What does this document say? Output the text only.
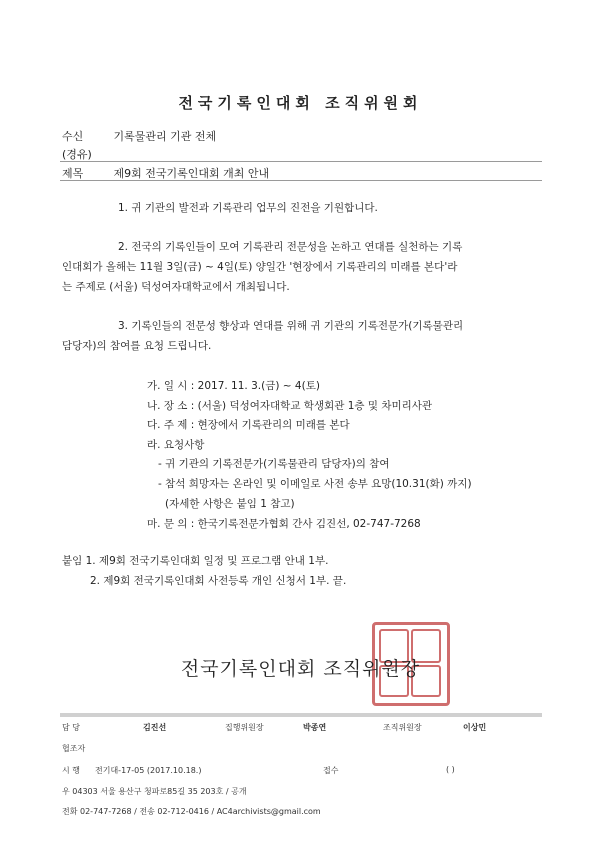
전국기록인대회 조직위원회
수신	기록물관리 기관 전체
(경유)
제목	제9회 전국기록인대회 개최 안내
1. 귀 기관의 발전과 기록관리 업무의 진전을 기원합니다.
2. 전국의 기록인들이 모여 기록관리 전문성을 논하고 연대를 실천하는 기록
인대회가 올해는 11월 3일(금) ~ 4일(토) 양일간 '현장에서 기록관리의 미래를 본다'라
는 주제로 (서울) 덕성여자대학교에서 개최됩니다.
3. 기록인들의 전문성 향상과 연대를 위해 귀 기관의 기록전문가(기록물관리
담당자)의 참여를 요청 드립니다.
가. 일 시 : 2017. 11. 3.(금) ~ 4(토)
나. 장 소 : (서울) 덕성여자대학교 학생회관 1층 및 차미리사관
다. 주 제 : 현장에서 기록관리의 미래를 본다
라. 요청사항
- 귀 기관의 기록전문가(기록물관리 담당자)의 참여
- 참석 희망자는 온라인 및 이메일로 사전 송부 요망(10.31(화) 까지)
(자세한 사항은 붙임 1 참고)
마. 문 의 : 한국기록전문가협회 간사 김진선, 02-747-7268
붙임 1. 제9회 전국기록인대회 일정 및 프로그램 안내 1부.
2. 제9회 전국기록인대회 사전등록 개인 신청서 1부. 끝.
전국기록인대회 조직위원장
담 당	김진선	집행위원장	박종연	조직위원장	이상민
협조자
시 행 전기대-17-05 (2017.10.18.)	접수	( )
우 04303 서울 용산구 청파로85길 35 203호 / 공개
전화 02-747-7268 / 전송 02-712-0416 / AC4archivists@gmail.com
